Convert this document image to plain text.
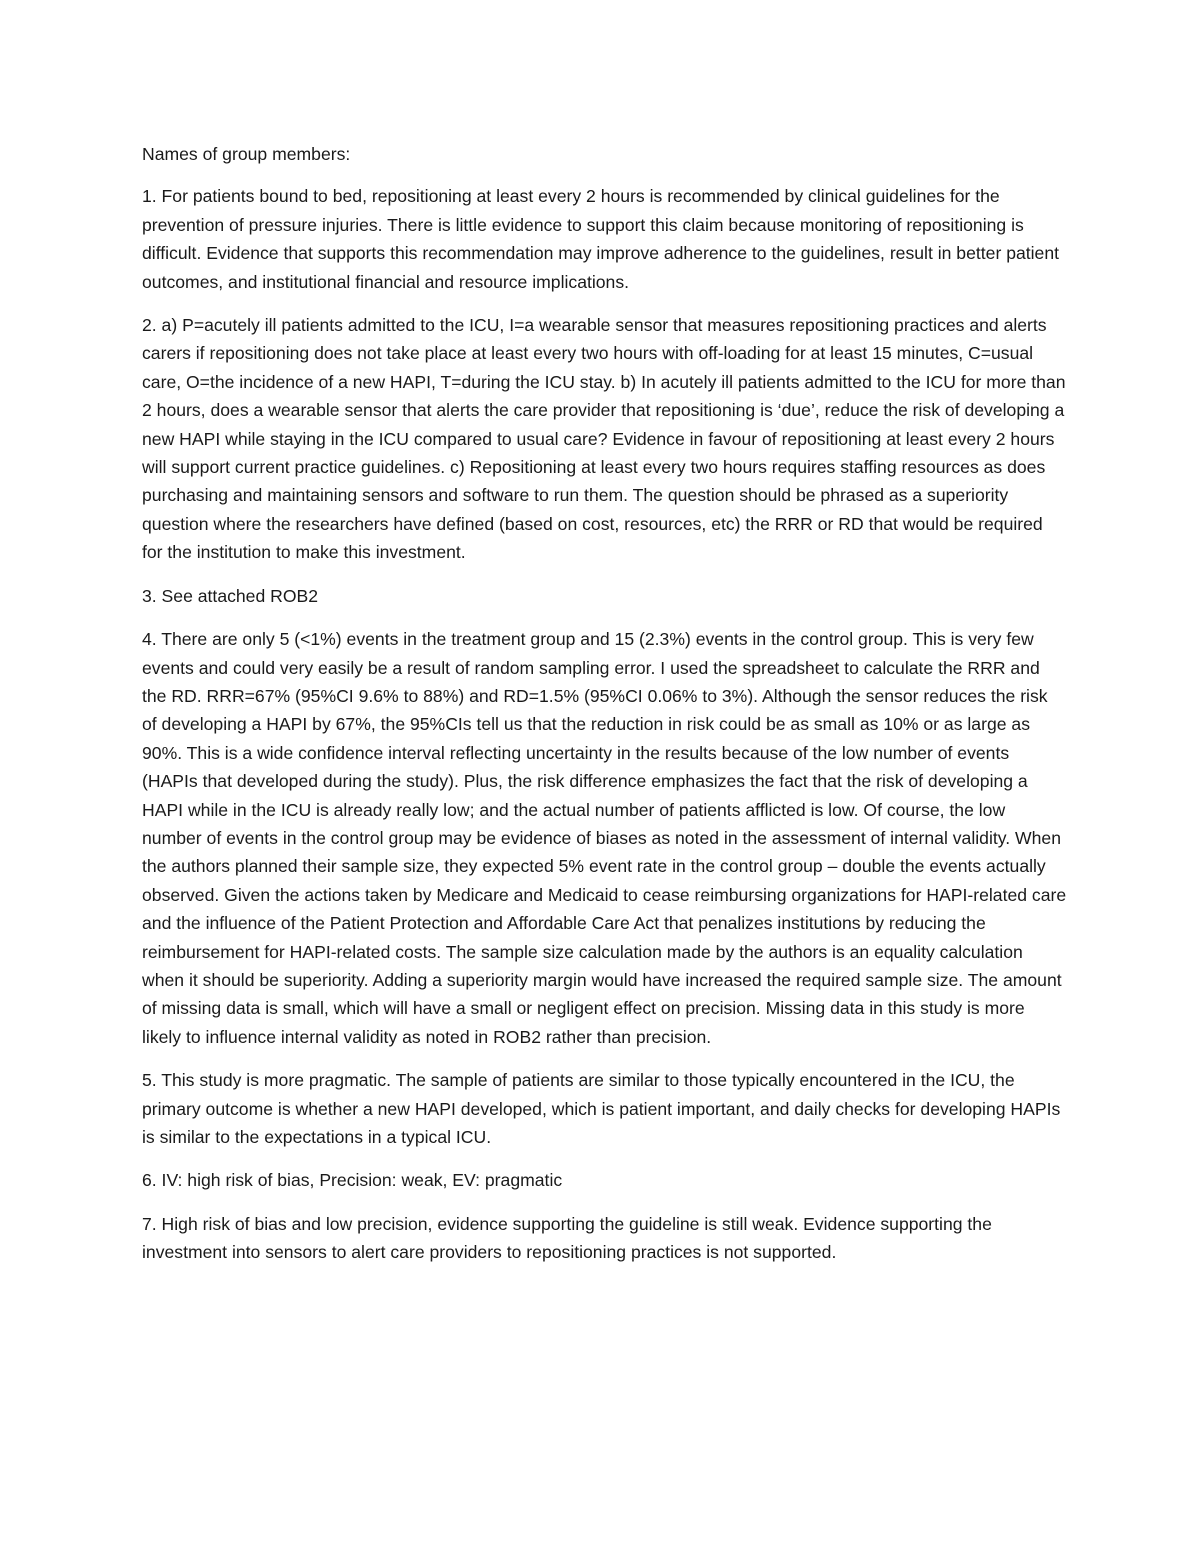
Names of group members:

1. For patients bound to bed, repositioning at least every 2 hours is recommended by clinical guidelines for the prevention of pressure injuries. There is little evidence to support this claim because monitoring of repositioning is difficult. Evidence that supports this recommendation may improve adherence to the guidelines, result in better patient outcomes, and institutional financial and resource implications.

2. a) P=acutely ill patients admitted to the ICU, I=a wearable sensor that measures repositioning practices and alerts carers if repositioning does not take place at least every two hours with off-loading for at least 15 minutes, C=usual care, O=the incidence of a new HAPI, T=during the ICU stay. b) In acutely ill patients admitted to the ICU for more than 2 hours, does a wearable sensor that alerts the care provider that repositioning is ‘due’, reduce the risk of developing a new HAPI while staying in the ICU compared to usual care? Evidence in favour of repositioning at least every 2 hours will support current practice guidelines. c) Repositioning at least every two hours requires staffing resources as does purchasing and maintaining sensors and software to run them. The question should be phrased as a superiority question where the researchers have defined (based on cost, resources, etc) the RRR or RD that would be required for the institution to make this investment.

3. See attached ROB2

4. There are only 5 (<1%) events in the treatment group and 15 (2.3%) events in the control group. This is very few events and could very easily be a result of random sampling error. I used the spreadsheet to calculate the RRR and the RD. RRR=67% (95%CI 9.6% to 88%) and RD=1.5% (95%CI 0.06% to 3%). Although the sensor reduces the risk of developing a HAPI by 67%, the 95%CIs tell us that the reduction in risk could be as small as 10% or as large as 90%. This is a wide confidence interval reflecting uncertainty in the results because of the low number of events (HAPIs that developed during the study). Plus, the risk difference emphasizes the fact that the risk of developing a HAPI while in the ICU is already really low; and the actual number of patients afflicted is low. Of course, the low number of events in the control group may be evidence of biases as noted in the assessment of internal validity. When the authors planned their sample size, they expected 5% event rate in the control group – double the events actually observed. Given the actions taken by Medicare and Medicaid to cease reimbursing organizations for HAPI-related care and the influence of the Patient Protection and Affordable Care Act that penalizes institutions by reducing the reimbursement for HAPI-related costs. The sample size calculation made by the authors is an equality calculation when it should be superiority. Adding a superiority margin would have increased the required sample size. The amount of missing data is small, which will have a small or negligent effect on precision. Missing data in this study is more likely to influence internal validity as noted in ROB2 rather than precision.

5. This study is more pragmatic. The sample of patients are similar to those typically encountered in the ICU, the primary outcome is whether a new HAPI developed, which is patient important, and daily checks for developing HAPIs is similar to the expectations in a typical ICU.

6. IV: high risk of bias, Precision: weak, EV: pragmatic

7. High risk of bias and low precision, evidence supporting the guideline is still weak. Evidence supporting the investment into sensors to alert care providers to repositioning practices is not supported.
